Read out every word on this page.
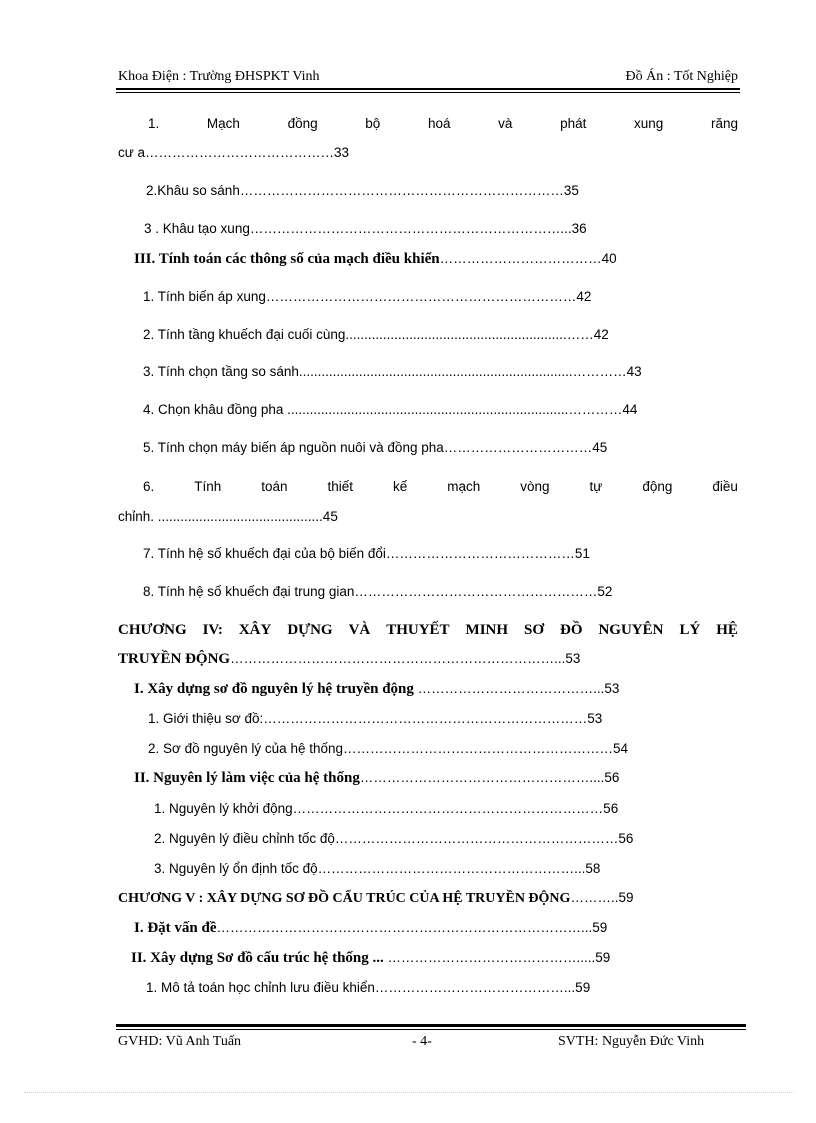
Khoa Điện : Trường ĐHSPKT Vinh	Đồ Án : Tốt Nghiệp
1.	Mạch	đồng	bộ	hoá	và	phát	xung	răng
cư a……………………………………33
2.Khâu so sánh………………………………………………………………35
3 . Khâu tạo xung……………………………………………………………...36
III. Tính toán các thông số của mạch điều khiển………………………………40
1. Tính biến áp xung……………………………………………………………42
2. Tính tầng khuếch đại cuối cùng...........................................................……42
3. Tính chọn tầng so sánh.........................................................................…………43
4. Chọn khâu đồng pha ...........................................................................…………44
5. Tính chọn máy biến áp nguồn nuôi và đồng pha……………………………45
6.	Tính	toán	thiết	kế	mạch	vòng	tự	động	điều
chỉnh. ............................................45
7. Tính hệ số khuếch đại của bộ biến đổi……………………………………51
8. Tính hệ số khuếch đại trung gian………………………………………………52
CHƯƠNG IV: XÂY DỰNG VÀ THUYẾT MINH SƠ ĐỒ NGUYÊN LÝ HỆ
TRUYỀN ĐỘNG………………………………………………………………...53
I. Xây dựng sơ đồ nguyên lý hệ truyền động …………………………………...53
1. Giới thiệu sơ đồ:………………………………………………………………53
2. Sơ đồ nguyên lý của hệ thống……………………………………………………54
II. Nguyên lý làm việc của hệ thống……………………………………………....56
1. Nguyên lý khởi động……………………………………………………………56
2. Nguyên lý điều chỉnh tốc độ………………………………………………………56
3. Nguyên lý ổn định tốc độ…………………………………………………...58
CHƯƠNG V : XÂY DỰNG SƠ ĐỒ CẤU TRÚC CỦA HỆ TRUYỀN ĐỘNG………..59
I. Đặt vấn đề………………………………………………………………………...59
II. Xây dựng Sơ đồ cấu trúc hệ thống ... …………………………………….....59
1. Mô tả toán học chỉnh lưu điều khiển……………………………………...59
GVHD: Vũ Anh Tuấn	- 4-	SVTH: Nguyễn Đức Vinh
